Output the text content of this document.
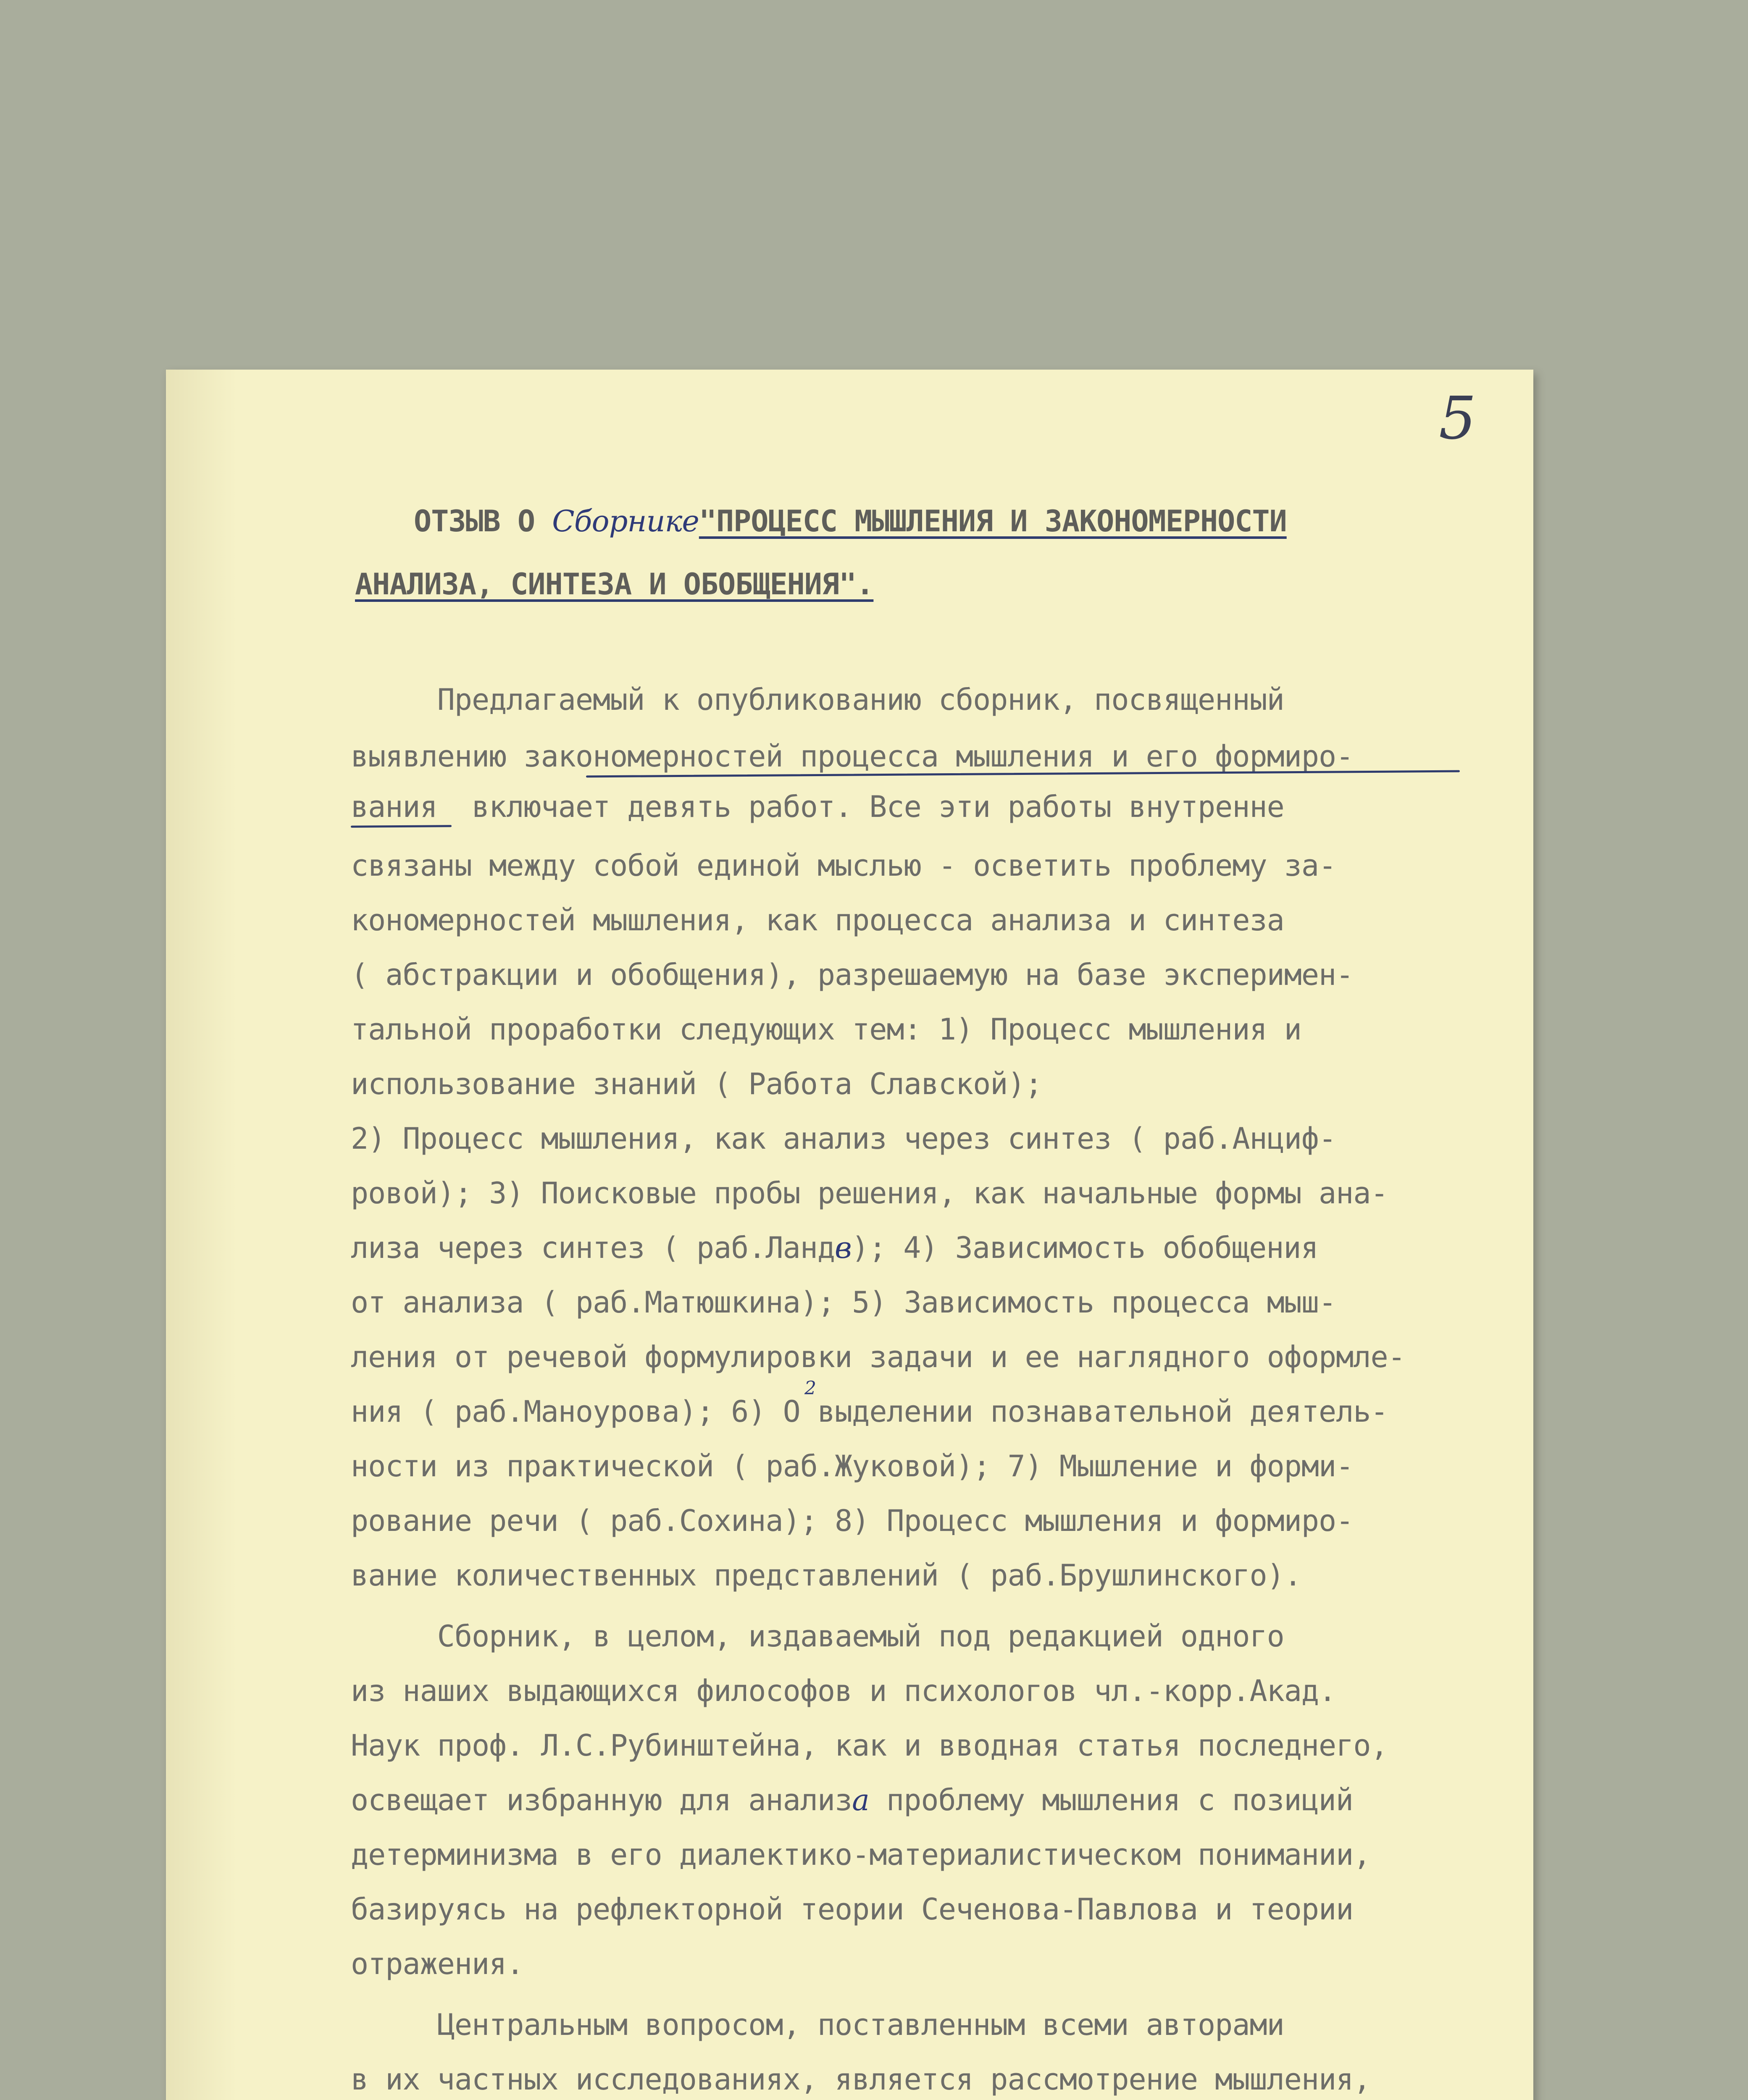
5

ОТЗЫВ О Сборнике"ПРОЦЕСС МЫШЛЕНИЯ И ЗАКОНОМЕРНОСТИ

АНАЛИЗА, СИНТЕЗА И ОБОБЩЕНИЯ".

Предлагаемый к опубликованию сборник, посвященный

выявлению закономерностей процесса мышления и его формиро-

вания  включает девять работ. Все эти работы внутренне

связаны между собой единой мыслью - осветить проблему за-

кономерностей мышления, как процесса анализа и синтеза

( абстракции и обобщения), разрешаемую на базе эксперимен-

тальной проработки следующих тем: 1) Процесс мышления и

использование знаний ( Работа Славской);

2) Процесс мышления, как анализ через синтез ( раб.Анциф-

ровой); 3) Поисковые пробы решения, как начальные формы ана-

лиза через синтез ( раб.Ландв); 4) Зависимость обобщения

от анализа ( раб.Матюшкина); 5) Зависимость процесса мыш-

ления от речевой формулировки задачи и ее наглядного оформле-

ния ( раб.Маноурова); 6) О выделении познавательной деятель-

2

ности из практической ( раб.Жуковой); 7) Мышление и форми-

рование речи ( раб.Сохина); 8) Процесс мышления и формиро-

вание количественных представлений ( раб.Брушлинского).

Сборник, в целом, издаваемый под редакцией одного

из наших выдающихся философов и психологов чл.-корр.Акад.

Наук проф. Л.С.Рубинштейна, как и вводная статья последнего,

освещает избранную для анализа проблему мышления с позиций

детерминизма в его диалектико-материалистическом понимании,

базируясь на рефлекторной теории Сеченова-Павлова и теории

отражения.

Центральным вопросом, поставленным всеми авторами

в их частных исследованиях, является рассмотрение мышления,
